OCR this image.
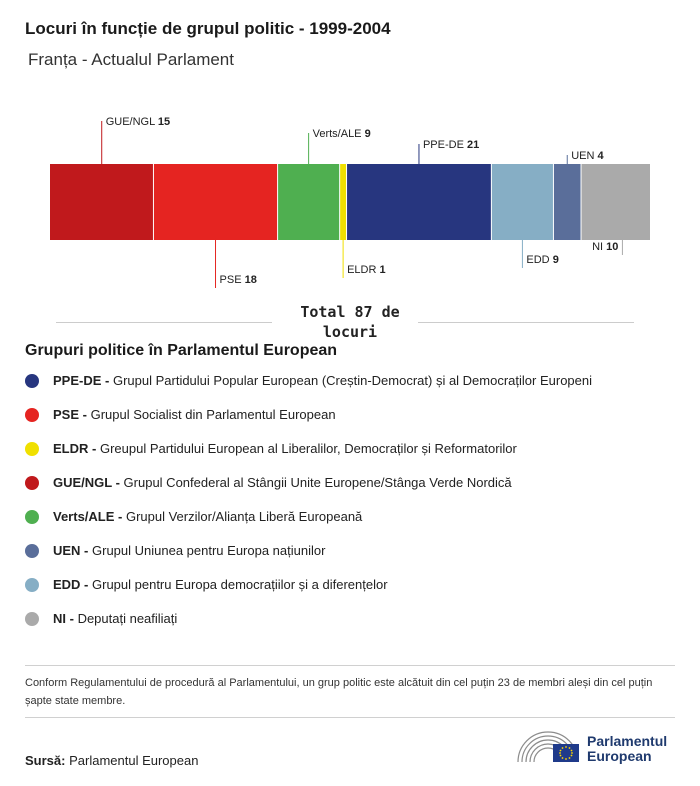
Locuri în funcție de grupul politic - 1999-2004
Franța - Actualul Parlament
GUE/NGL 15
PSE 18
Verts/ALE 9
ELDR 1
PPE-DE 21
EDD 9
UEN 4
NI 10
Total 87 de locuri
Grupuri politice în Parlamentul European
PPE-DE - Grupul Partidului Popular European (Creștin-Democrat) și al Democraților Europeni
PSE - Grupul Socialist din Parlamentul European
ELDR - Greupul Partidului European al Liberalilor, Democraților și Reformatorilor
GUE/NGL - Grupul Confederal al Stângii Unite Europene/Stânga Verde Nordică
Verts/ALE - Grupul Verzilor/Alianța Liberă Europeană
UEN - Grupul Uniunea pentru Europa națiunilor
EDD - Grupul pentru Europa democrațiilor și a diferențelor
NI - Deputați neafiliați
Conform Regulamentului de procedură al Parlamentului, un grup politic este alcătuit din cel puțin 23 de membri aleși din cel puțin șapte state membre.
Sursă: Parlamentul European
Parlamentul
European
